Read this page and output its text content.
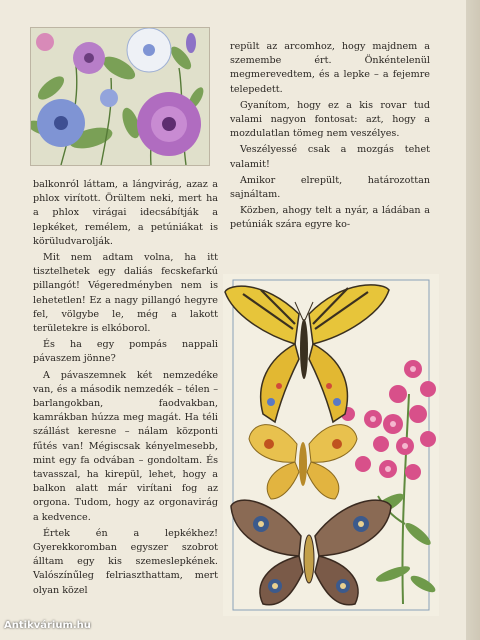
balkonról láttam, a lángvirág, azaz a phlox virított. Örültem neki, mert ha a phlox virágai idecsábítják a lepkéket, remélem, a petúniákat is körüludvarolják.

Mit nem adtam volna, ha itt tisztelhetek egy daliás fecskefarkú pillangót! Végeredményben nem is lehetetlen! Ez a nagy pillangó hegyre fel, völgybe le, még a lakott területekre is elkóborol.

És ha egy pompás nappali pávaszem jönne?

A pávaszemnek két nemzedéke van, és a második nemzedék – télen – barlangokban, faodvakban, kamrákban húzza meg magát. Ha téli szállást keresne – nálam központi fűtés van! Mégiscsak kényelmesebb, mint egy fa odvában – gondoltam. És tavasszal, ha kirepül, lehet, hogy a balkon alatt már virítani fog az orgona. Tudom, hogy az orgonavirág a kedvence.

Értek én a lepkékhez! Gyerekkoromban egyszer szobrot álltam egy kis szemeslepkének. Valószínűleg felriaszthattam, mert olyan közel

repült az arcomhoz, hogy majdnem a szemembe ért. Önkéntelenül megmerevedtem, és a lepke – a fejemre telepedett.

Gyanítom, hogy ez a kis rovar tud valami nagyon fontosat: azt, hogy a mozdulatlan tömeg nem veszélyes.

Veszélyessé csak a mozgás tehet valamit!

Amikor elrepült, határozottan sajnáltam.

Közben, ahogy telt a nyár, a ládában a petúniák szára egyre ko-

Antikvárium.hu
